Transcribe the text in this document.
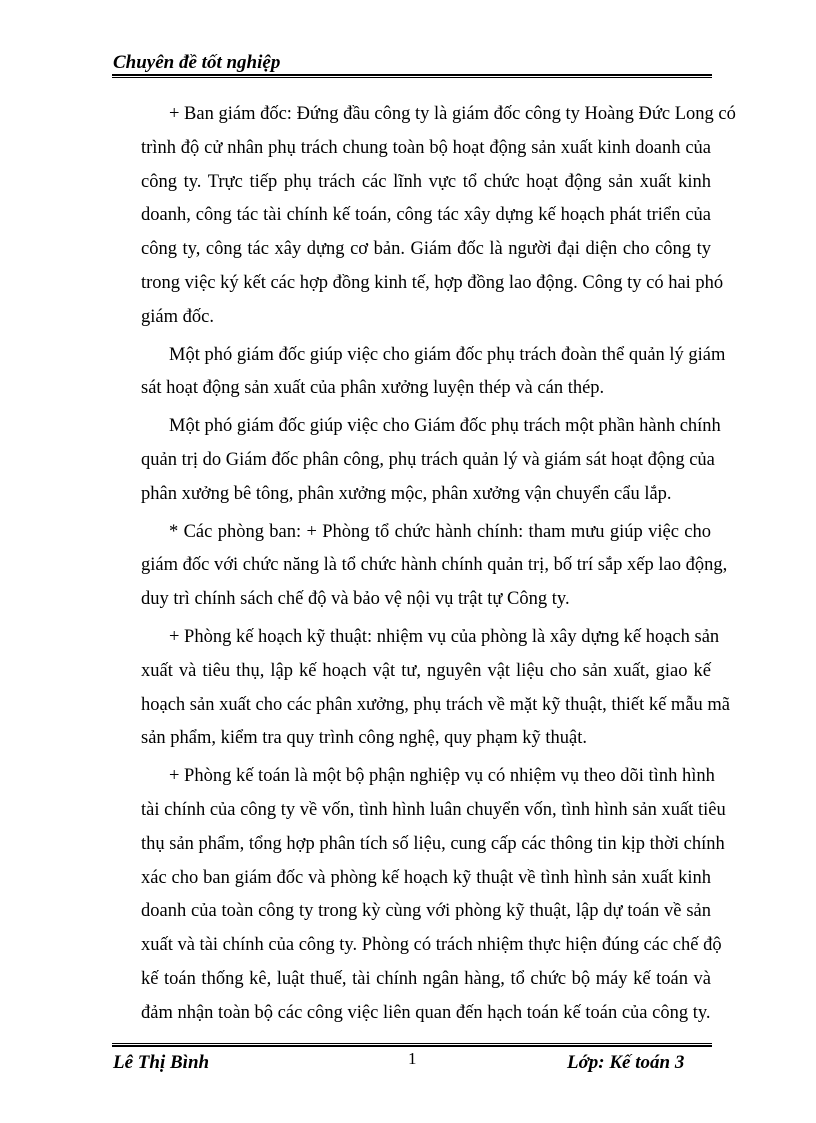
Chuyên đề tốt nghiệp
+ Ban giám đốc: Đứng đầu công ty là giám đốc công ty Hoàng Đức Long có
trình độ cử nhân phụ trách chung toàn bộ hoạt động sản xuất kinh doanh của
công ty. Trực tiếp phụ trách các lĩnh vực tổ chức hoạt động sản xuất kinh
doanh, công tác tài chính kế toán, công tác xây dựng kế hoạch phát triển của
công ty, công tác xây dựng cơ bản. Giám đốc là người đại diện cho công ty
trong việc ký kết các hợp đồng kinh tế, hợp đồng lao động. Công ty có hai phó
giám đốc.
Một phó giám đốc giúp việc cho giám đốc phụ trách đoàn thể quản lý giám
sát hoạt động sản xuất của phân xưởng luyện thép và cán thép.
Một phó giám đốc giúp việc cho Giám đốc phụ trách một phần hành chính
quản trị do Giám đốc phân công, phụ trách quản lý và giám sát hoạt động của
phân xưởng bê tông, phân xưởng mộc, phân xưởng vận chuyển cẩu lắp.
* Các phòng ban: + Phòng tổ chức hành chính: tham mưu giúp việc cho
giám đốc với chức năng là tổ chức hành chính quản trị, bố trí sắp xếp lao động,
duy trì chính sách chế độ và bảo vệ nội vụ trật tự Công ty.
+ Phòng kế hoạch kỹ thuật: nhiệm vụ của phòng là xây dựng kế hoạch sản
xuất và tiêu thụ, lập kế hoạch vật tư, nguyên vật liệu cho sản xuất, giao kế
hoạch sản xuất cho các phân xưởng, phụ trách về mặt kỹ thuật, thiết kế mẫu mã
sản phẩm, kiểm tra quy trình công nghệ, quy phạm kỹ thuật.
+ Phòng kế toán là một bộ phận nghiệp vụ có nhiệm vụ theo dõi tình hình
tài chính của công ty về vốn, tình hình luân chuyển vốn, tình hình sản xuất tiêu
thụ sản phẩm, tổng hợp phân tích số liệu, cung cấp các thông tin kịp thời chính
xác cho ban giám đốc và phòng kế hoạch kỹ thuật về tình hình sản xuất kinh
doanh của toàn công ty trong kỳ cùng với phòng kỹ thuật, lập dự toán về sản
xuất và tài chính của công ty. Phòng có trách nhiệm thực hiện đúng các chế độ
kế toán thống kê, luật thuế, tài chính ngân hàng, tổ chức bộ máy kế toán và
đảm nhận toàn bộ các công việc liên quan đến hạch toán kế toán của công ty.
Lê Thị Bình	1	Lớp: Kế toán 3
